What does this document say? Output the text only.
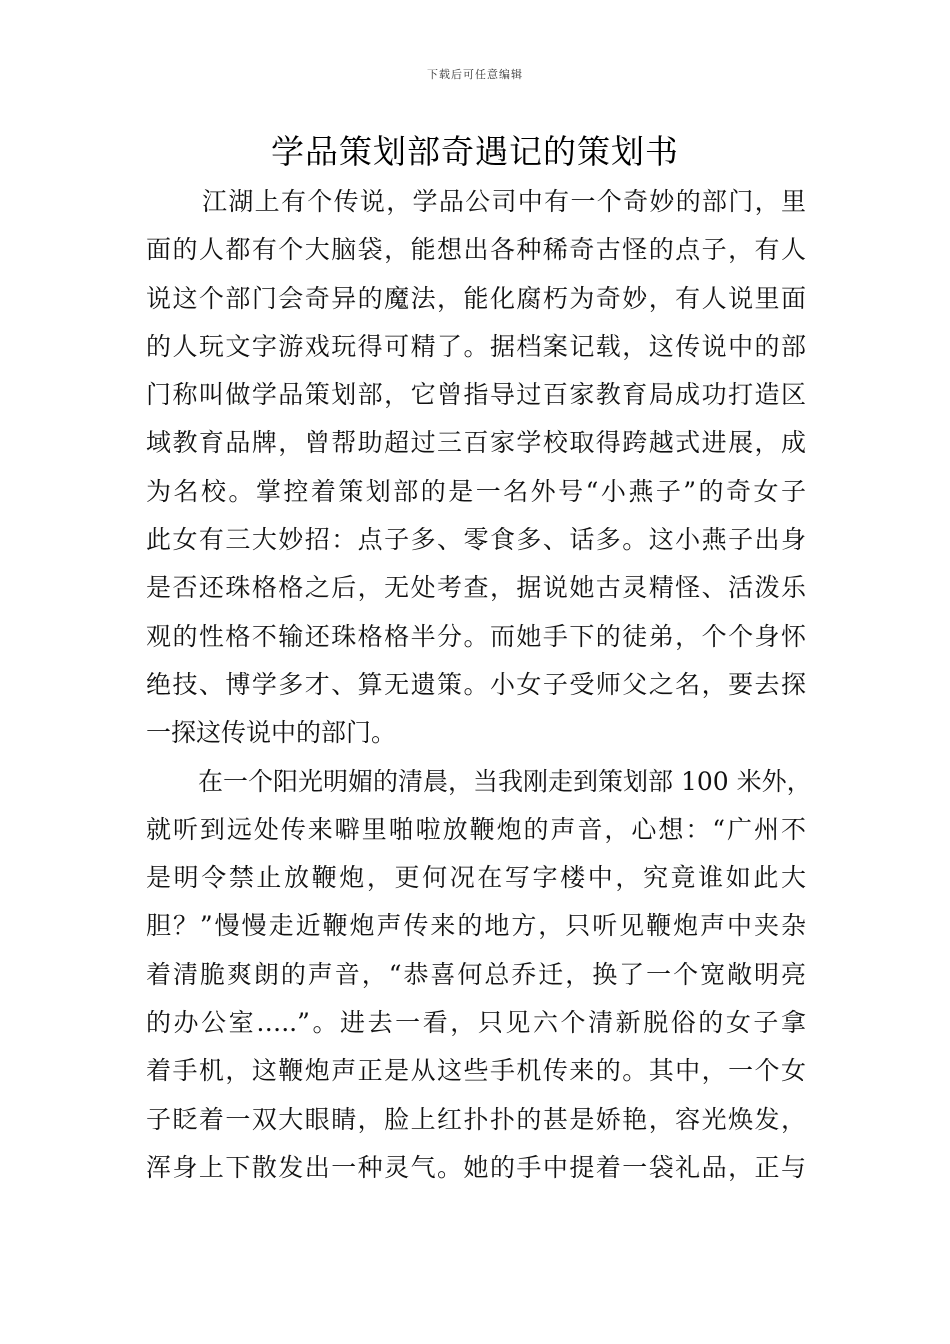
下载后可任意编辑
学品策划部奇遇记的策划书
江湖上有个传说，学品公司中有一个奇妙的部门，里
面的人都有个大脑袋，能想出各种稀奇古怪的点子，有人
说这个部门会奇异的魔法，能化腐朽为奇妙，有人说里面
的人玩文字游戏玩得可精了。据档案记载，这传说中的部
门称叫做学品策划部，它曾指导过百家教育局成功打造区
域教育品牌，曾帮助超过三百家学校取得跨越式进展，成
为名校。掌控着策划部的是一名外号“小燕子”的奇女子
此女有三大妙招：点子多、零食多、话多。这小燕子出身
是否还珠格格之后，无处考查，据说她古灵精怪、活泼乐
观的性格不输还珠格格半分。而她手下的徒弟，个个身怀
绝技、博学多才、算无遗策。小女子受师父之名，要去探
一探这传说中的部门。
在一个阳光明媚的清晨，当我刚走到策划部 100 米外，
就听到远处传来噼里啪啦放鞭炮的声音，心想：“广州不
是明令禁止放鞭炮，更何况在写字楼中，究竟谁如此大
胆？”慢慢走近鞭炮声传来的地方，只听见鞭炮声中夹杂
着清脆爽朗的声音，“恭喜何总乔迁，换了一个宽敞明亮
的办公室…..”。进去一看，只见六个清新脱俗的女子拿
着手机，这鞭炮声正是从这些手机传来的。其中，一个女
子眨着一双大眼睛，脸上红扑扑的甚是娇艳，容光焕发，
浑身上下散发出一种灵气。她的手中提着一袋礼品，正与
